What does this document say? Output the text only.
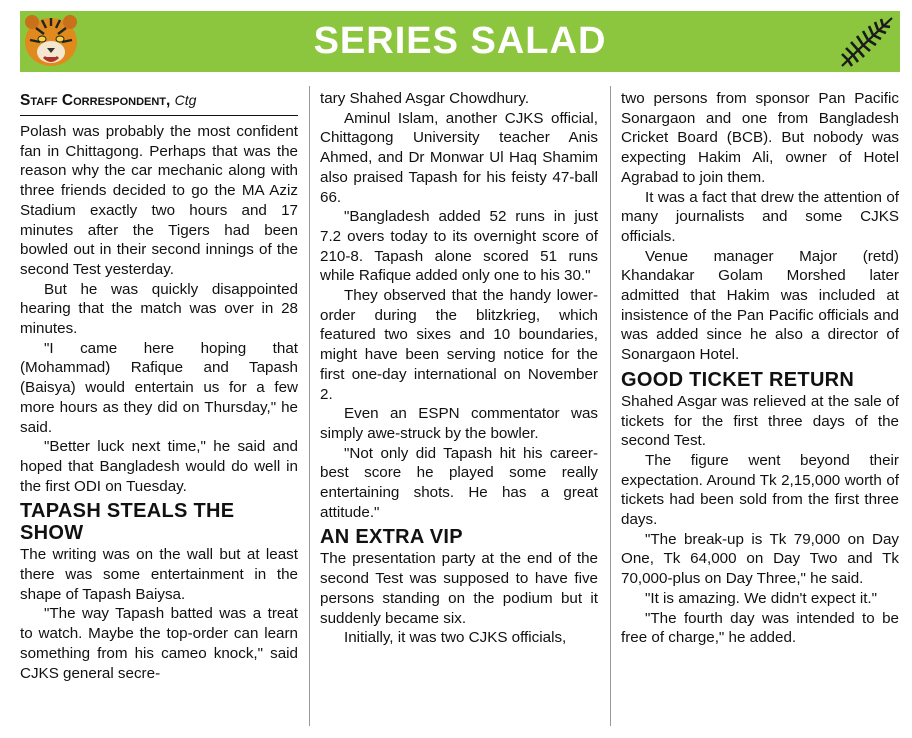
SERIES SALAD
Staff Correspondent, Ctg

Polash was probably the most confident fan in Chittagong. Perhaps that was the reason why the car mechanic along with three friends decided to go the MA Aziz Stadium exactly two hours and 17 minutes after the Tigers had been bowled out in their second innings of the second Test yesterday.

But he was quickly disappointed hearing that the match was over in 28 minutes.

"I came here hoping that (Mohammad) Rafique and Tapash (Baisya) would entertain us for a few more hours as they did on Thursday," he said.

"Better luck next time," he said and hoped that Bangladesh would do well in the first ODI on Tuesday.

TAPASH STEALS THE SHOW

The writing was on the wall but at least there was some entertainment in the shape of Tapash Baiysa.

"The way Tapash batted was a treat to watch. Maybe the top-order can learn something from his cameo knock," said CJKS general secre-

tary Shahed Asgar Chowdhury.

Aminul Islam, another CJKS official, Chittagong University teacher Anis Ahmed, and Dr Monwar Ul Haq Shamim also praised Tapash for his feisty 47-ball 66.

"Bangladesh added 52 runs in just 7.2 overs today to its overnight score of 210-8. Tapash alone scored 51 runs while Rafique added only one to his 30."

They observed that the handy lower-order during the blitzkrieg, which featured two sixes and 10 boundaries, might have been serving notice for the first one-day international on November 2.

Even an ESPN commentator was simply awe-struck by the bowler.

"Not only did Tapash hit his career-best score he played some really entertaining shots. He has a great attitude."

AN EXTRA VIP

The presentation party at the end of the second Test was supposed to have five persons standing on the podium but it suddenly became six.

Initially, it was two CJKS officials,

two persons from sponsor Pan Pacific Sonargaon and one from Bangladesh Cricket Board (BCB). But nobody was expecting Hakim Ali, owner of Hotel Agrabad to join them.

It was a fact that drew the attention of many journalists and some CJKS officials.

Venue manager Major (retd) Khandakar Golam Morshed later admitted that Hakim was included at insistence of the Pan Pacific officials and was added since he also a director of Sonargaon Hotel.

GOOD TICKET RETURN

Shahed Asgar was relieved at the sale of tickets for the first three days of the second Test.

The figure went beyond their expectation. Around Tk 2,15,000 worth of tickets had been sold from the first three days.

"The break-up is Tk 79,000 on Day One, Tk 64,000 on Day Two and Tk 70,000-plus on Day Three," he said.

"It is amazing. We didn't expect it."

"The fourth day was intended to be free of charge," he added.
